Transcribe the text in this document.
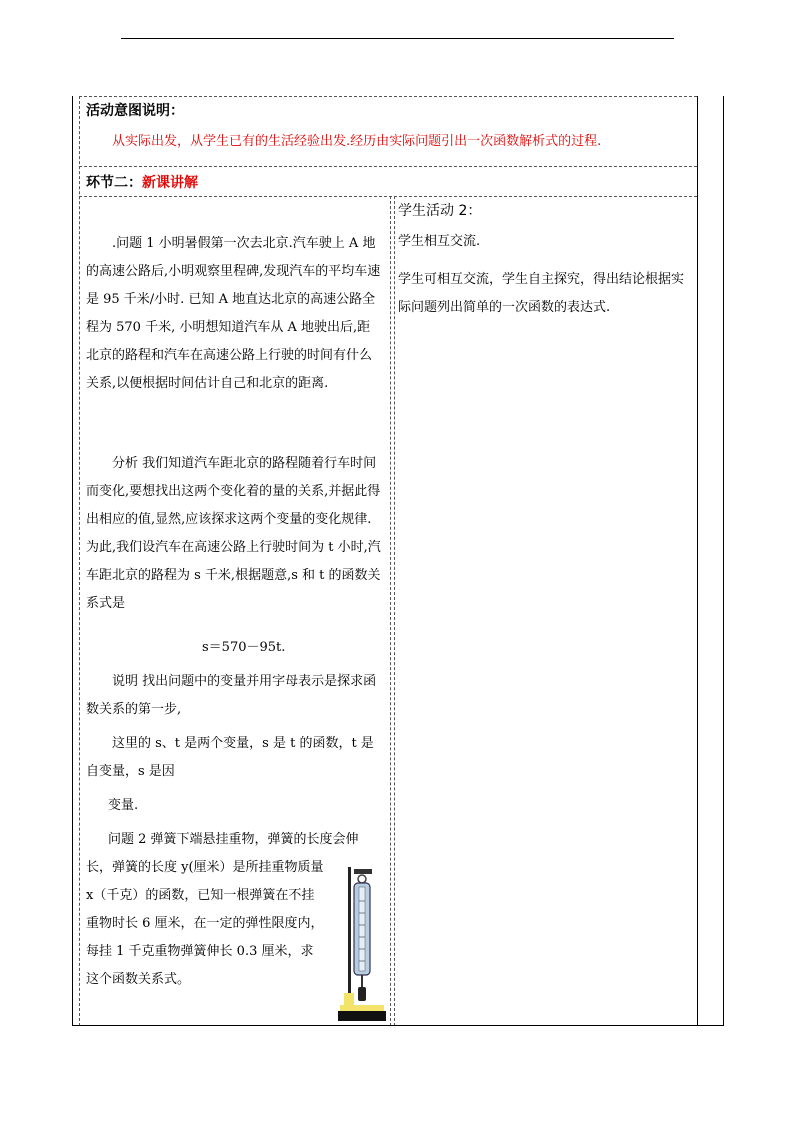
活动意图说明：
从实际出发，从学生已有的生活经验出发.经历由实际问题引出一次函数解析式的过程.
环节二：新课讲解
.问题 1 小明暑假第一次去北京.汽车驶上 A 地的高速公路后,小明观察里程碑,发现汽车的平均车速是 95 千米/小时. 已知 A 地直达北京的高速公路全程为 570 千米, 小明想知道汽车从 A 地驶出后,距北京的路程和汽车在高速公路上行驶的时间有什么关系,以便根据时间估计自己和北京的距离.
分析 我们知道汽车距北京的路程随着行车时间而变化,要想找出这两个变化着的量的关系,并据此得出相应的值,显然,应该探求这两个变量的变化规律. 为此,我们设汽车在高速公路上行驶时间为 t 小时,汽车距北京的路程为 s 千米,根据题意,s 和 t 的函数关系式是
s＝570－95t.
说明 找出问题中的变量并用字母表示是探求函数关系的第一步,
这里的 s、t 是两个变量，s 是 t 的函数，t 是自变量，s 是因
变量.
问题 2 弹簧下端悬挂重物，弹簧的长度会伸
长，弹簧的长度 y(厘米）是所挂重物质量 x（千克）的函数，已知一根弹簧在不挂重物时长 6 厘米，在一定的弹性限度内，每挂 1 千克重物弹簧伸长 0.3 厘米，求这个函数关系式。
学生活动 2：
学生相互交流.
学生可相互交流，学生自主探究，得出结论根据实际问题列出简单的一次函数的表达式.
